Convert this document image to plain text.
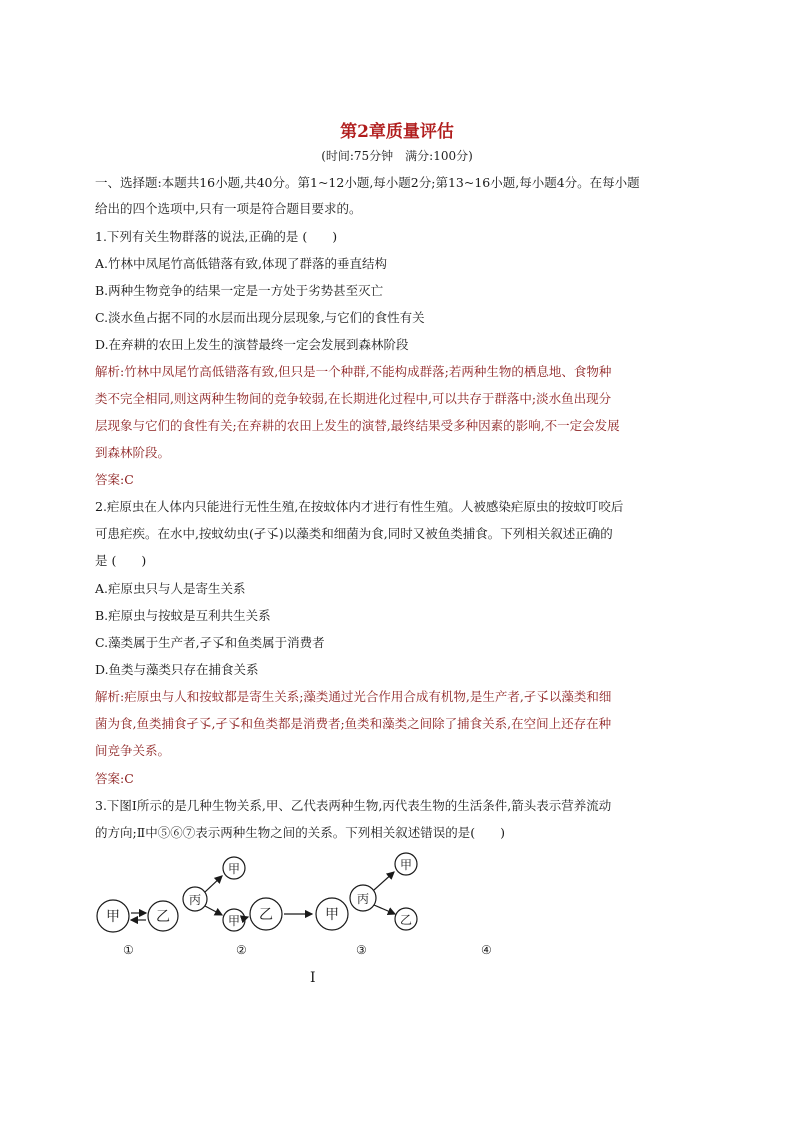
第2章质量评估
(时间:75分钟　满分:100分)
一、选择题:本题共16小题,共40分。第1~12小题,每小题2分;第13~16小题,每小题4分。在每小题
给出的四个选项中,只有一项是符合题目要求的。
1.下列有关生物群落的说法,正确的是 (　　)
A.竹林中凤尾竹高低错落有致,体现了群落的垂直结构
B.两种生物竞争的结果一定是一方处于劣势甚至灭亡
C.淡水鱼占据不同的水层而出现分层现象,与它们的食性有关
D.在弃耕的农田上发生的演替最终一定会发展到森林阶段
解析:竹林中凤尾竹高低错落有致,但只是一个种群,不能构成群落;若两种生物的栖息地、食物种
类不完全相同,则这两种生物间的竞争较弱,在长期进化过程中,可以共存于群落中;淡水鱼出现分
层现象与它们的食性有关;在弃耕的农田上发生的演替,最终结果受多种因素的影响,不一定会发展
到森林阶段。
答案:C
2.疟原虫在人体内只能进行无性生殖,在按蚊体内才进行有性生殖。人被感染疟原虫的按蚊叮咬后
可患疟疾。在水中,按蚊幼虫(孑孓)以藻类和细菌为食,同时又被鱼类捕食。下列相关叙述正确的
是 (　　)
A.疟原虫只与人是寄生关系
B.疟原虫与按蚊是互利共生关系
C.藻类属于生产者,孑孓和鱼类属于消费者
D.鱼类与藻类只存在捕食关系
解析:疟原虫与人和按蚊都是寄生关系;藻类通过光合作用合成有机物,是生产者,孑孓以藻类和细
菌为食,鱼类捕食孑孓,孑孓和鱼类都是消费者;鱼类和藻类之间除了捕食关系,在空间上还存在种
间竞争关系。
答案:C
3.下图Ⅰ所示的是几种生物关系,甲、乙代表两种生物,丙代表生物的生活条件,箭头表示营养流动
的方向;Ⅱ中⑤⑥⑦表示两种生物之间的关系。下列相关叙述错误的是(　　)
甲	乙
丙
甲
甲 乙	甲
丙
甲
乙
①	②	③	④
Ⅰ
